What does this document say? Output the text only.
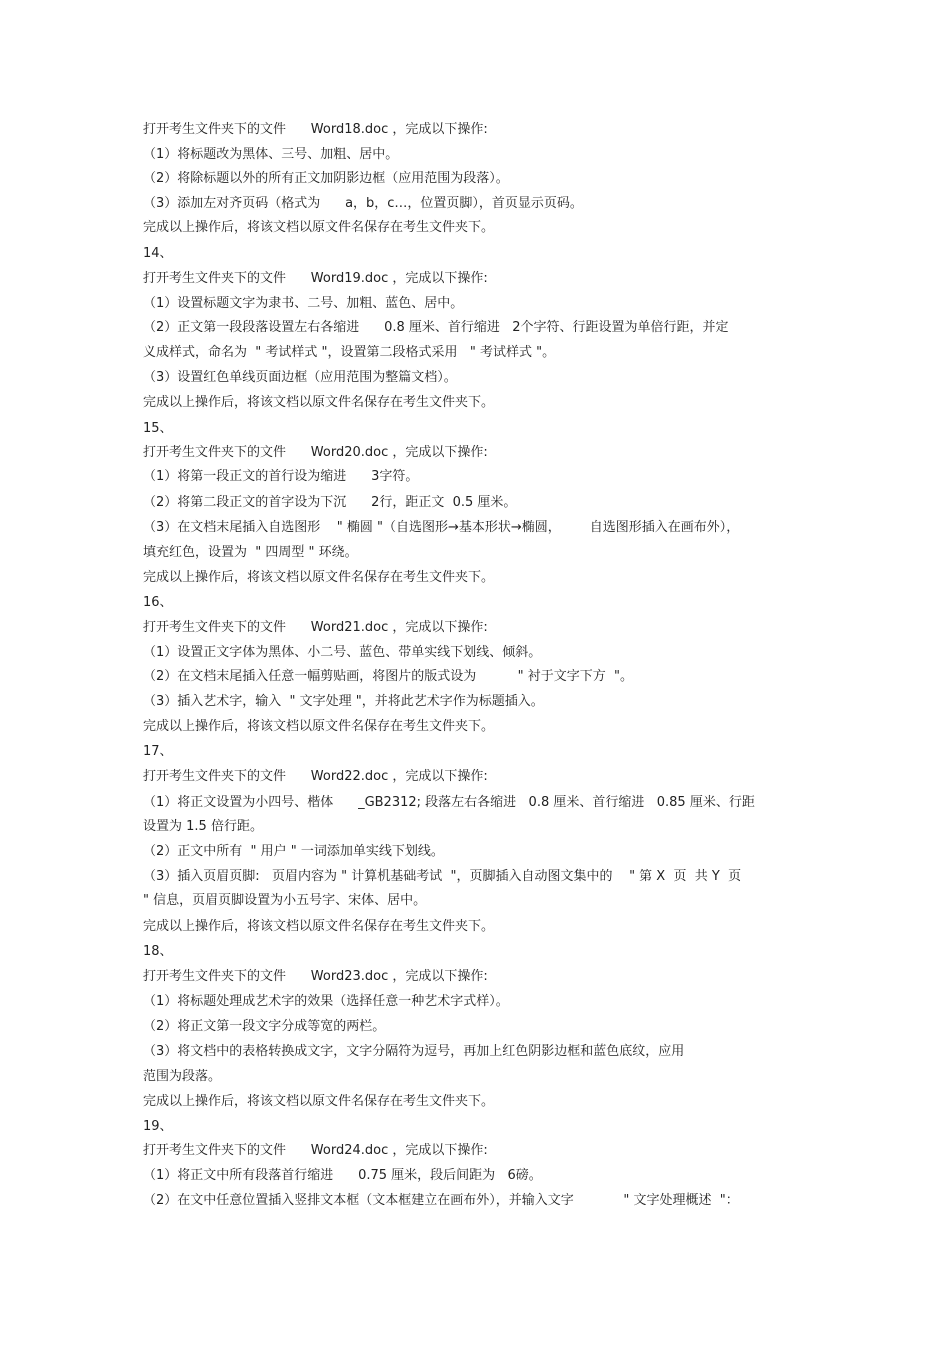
打开考生文件夹下的文件      Word18.doc ，完成以下操作:
（1）将标题改为黑体、三号、加粗、居中。
（2）将除标题以外的所有正文加阴影边框（应用范围为段落）。
（3）添加左对齐页码（格式为      a，b，c…，位置页脚），首页显示页码。
完成以上操作后，将该文档以原文件名保存在考生文件夹下。
14、
打开考生文件夹下的文件      Word19.doc ，完成以下操作:
（1）设置标题文字为隶书、二号、加粗、蓝色、居中。
（2）正文第一段段落设置左右各缩进      0.8 厘米、首行缩进   2个字符、行距设置为单倍行距，并定
义成样式，命名为  " 考试样式 "，设置第二段格式采用   " 考试样式 "。
（3）设置红色单线页面边框（应用范围为整篇文档）。
完成以上操作后，将该文档以原文件名保存在考生文件夹下。
15、
打开考生文件夹下的文件      Word20.doc ，完成以下操作:
（1）将第一段正文的首行设为缩进      3字符。
（2）将第二段正文的首字设为下沉      2行，距正文  0.5 厘米。
（3）在文档末尾插入自选图形    " 椭圆 "（自选图形→基本形状→椭圆，       自选图形插入在画布外），
填充红色，设置为  " 四周型 " 环绕。
完成以上操作后，将该文档以原文件名保存在考生文件夹下。
16、
打开考生文件夹下的文件      Word21.doc ，完成以下操作:
（1）设置正文字体为黑体、小二号、蓝色、带单实线下划线、倾斜。
（2）在文档末尾插入任意一幅剪贴画，将图片的版式设为          " 衬于文字下方  "。
（3）插入艺术字，输入  " 文字处理 "，并将此艺术字作为标题插入。
完成以上操作后，将该文档以原文件名保存在考生文件夹下。
17、
打开考生文件夹下的文件      Word22.doc ，完成以下操作:
（1）将正文设置为小四号、楷体      _GB2312; 段落左右各缩进   0.8 厘米、首行缩进   0.85 厘米、行距
设置为 1.5 倍行距。
（2）正文中所有  " 用户 " 一词添加单实线下划线。
（3）插入页眉页脚:   页眉内容为 " 计算机基础考试  "，页脚插入自动图文集中的    " 第 X  页  共 Y  页
" 信息，页眉页脚设置为小五号字、宋体、居中。
完成以上操作后，将该文档以原文件名保存在考生文件夹下。
18、
打开考生文件夹下的文件      Word23.doc ，完成以下操作:
（1）将标题处理成艺术字的效果（选择任意一种艺术字式样）。
（2）将正文第一段文字分成等宽的两栏。
（3）将文档中的表格转换成文字，文字分隔符为逗号，再加上红色阴影边框和蓝色底纹，应用
范围为段落。
完成以上操作后，将该文档以原文件名保存在考生文件夹下。
19、
打开考生文件夹下的文件      Word24.doc ，完成以下操作:
（1）将正文中所有段落首行缩进      0.75 厘米，段后间距为   6磅。
（2）在文中任意位置插入竖排文本框（文本框建立在画布外），并输入文字            " 文字处理概述  "：
